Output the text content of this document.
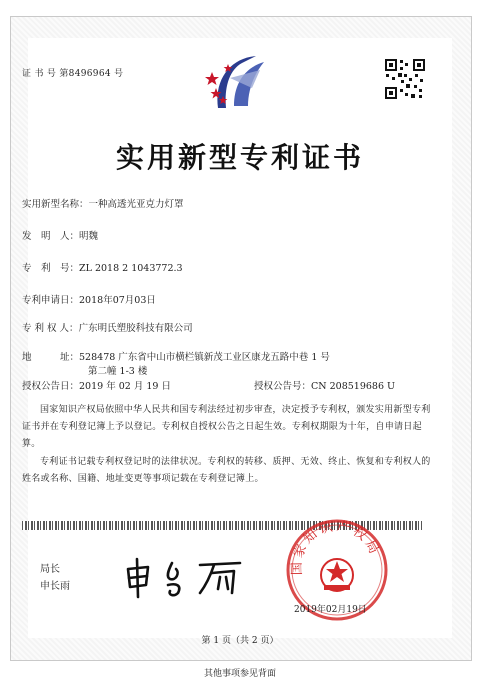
证 书 号 第8496964 号
实用新型专利证书
实用新型名称：一种高透光亚克力灯罩
发　明　人：明魏
专　利　号：ZL 2018 2 1043772.3
专利申请日：2018年07月03日
专 利 权 人：广东明氏塑胶科技有限公司
地　　　址：528478 广东省中山市横栏镇新茂工业区康龙五路中巷 1 号
第二幢 1-3 楼
授权公告日：2019 年 02 月 19 日	授权公告号：CN 208519686 U
国家知识产权局依照中华人民共和国专利法经过初步审查，决定授予专利权，颁发实用新型专利证书并在专利登记簿上予以登记。专利权自授权公告之日起生效。专利权期限为十年，自申请日起算。
专利证书记载专利权登记时的法律状况。专利权的转移、质押、无效、终止、恢复和专利权人的姓名或名称、国籍、地址变更等事项记载在专利登记簿上。
局长
申长雨
国家知识产权局
2019年02月19日
第 1 页（共 2 页）
其他事项参见背面
